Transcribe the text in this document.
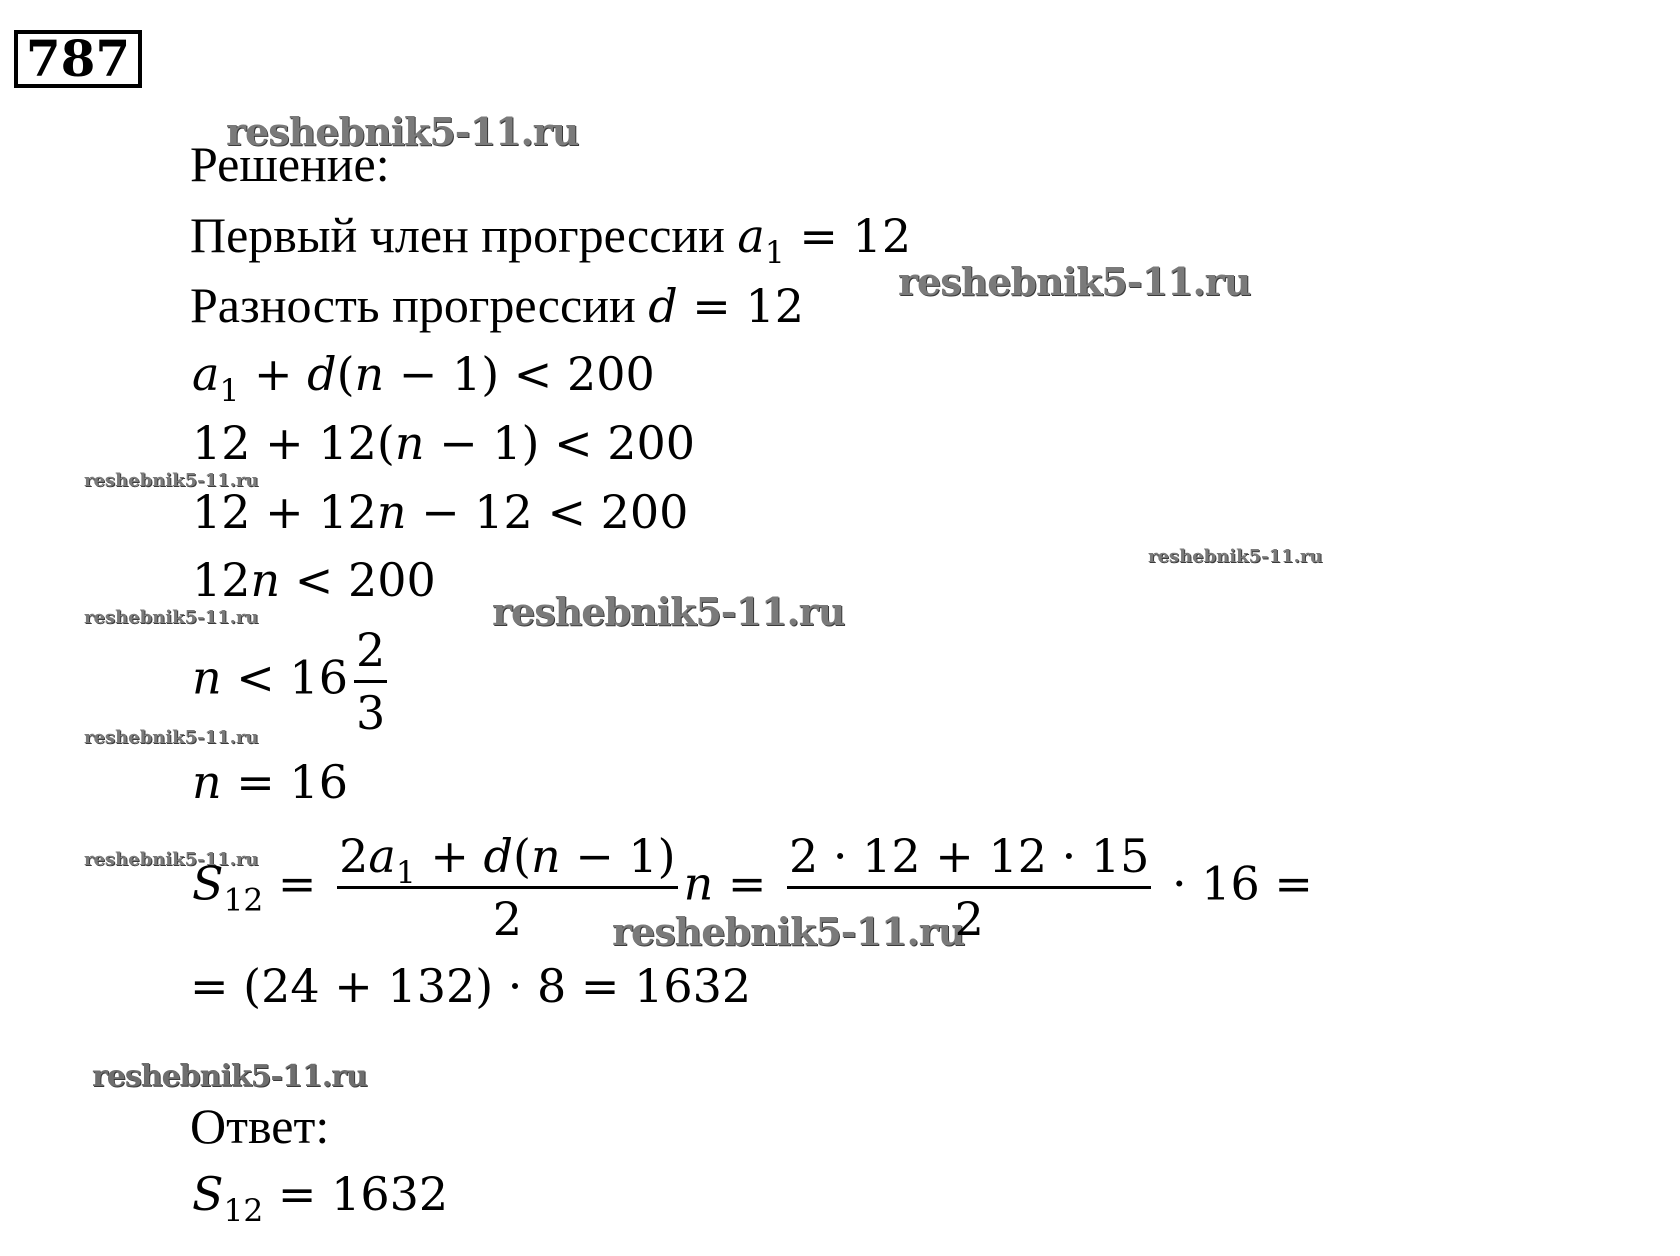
787
reshebnik5-11.ru
reshebnik5-11.ru
reshebnik5-11.ru
reshebnik5-11.ru
reshebnik5-11.ru
reshebnik5-11.ru
reshebnik5-11.ru
reshebnik5-11.ru
reshebnik5-11.ru
reshebnik5-11.ru
Решение:
Первый член прогрессии $a_1 = 12$
Разность прогрессии d = 12
$a_1 + d(n - 1) < 200$
12 + 12(n − 1) < 200
12 + 12n − 12 < 200
12n < 200
$n < 16 \frac{2}{3}$
n = 16
$S_{12} = \frac{2a_1 + d(n - 1)}{2}$ $n = \frac{2 \cdot 12 + 12 \cdot 15}{2} \cdot 16$ =
= (24 + 132) · 8 = 1632
Ответ:
$S_{12} = 1632$
